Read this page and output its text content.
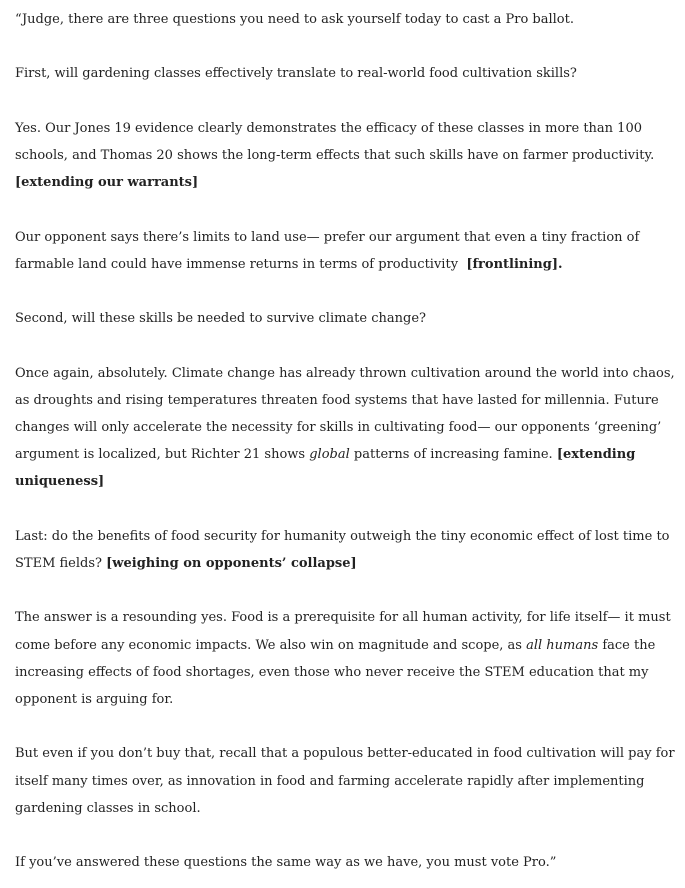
“Judge, there are three questions you need to ask yourself today to cast a Pro ballot.

First, will gardening classes effectively translate to real-world food cultivation skills?

Yes. Our Jones 19 evidence clearly demonstrates the efficacy of these classes in more than 100 schools, and Thomas 20 shows the long-term effects that such skills have on farmer productivity.
[extending our warrants]

Our opponent says there’s limits to land use— prefer our argument that even a tiny fraction of farmable land could have immense returns in terms of productivity [frontlining].

Second, will these skills be needed to survive climate change?

Once again, absolutely. Climate change has already thrown cultivation around the world into chaos, as droughts and rising temperatures threaten food systems that have lasted for millennia. Future changes will only accelerate the necessity for skills in cultivating food— our opponents ‘greening’ argument is localized, but Richter 21 shows global patterns of increasing famine. [extending uniqueness]

Last: do the benefits of food security for humanity outweigh the tiny economic effect of lost time to STEM fields? [weighing on opponents’ collapse]

The answer is a resounding yes. Food is a prerequisite for all human activity, for life itself— it must come before any economic impacts. We also win on magnitude and scope, as all humans face the increasing effects of food shortages, even those who never receive the STEM education that my opponent is arguing for.

But even if you don’t buy that, recall that a populous better-educated in food cultivation will pay for itself many times over, as innovation in food and farming accelerate rapidly after implementing gardening classes in school.

If you’ve answered these questions the same way as we have, you must vote Pro.”
